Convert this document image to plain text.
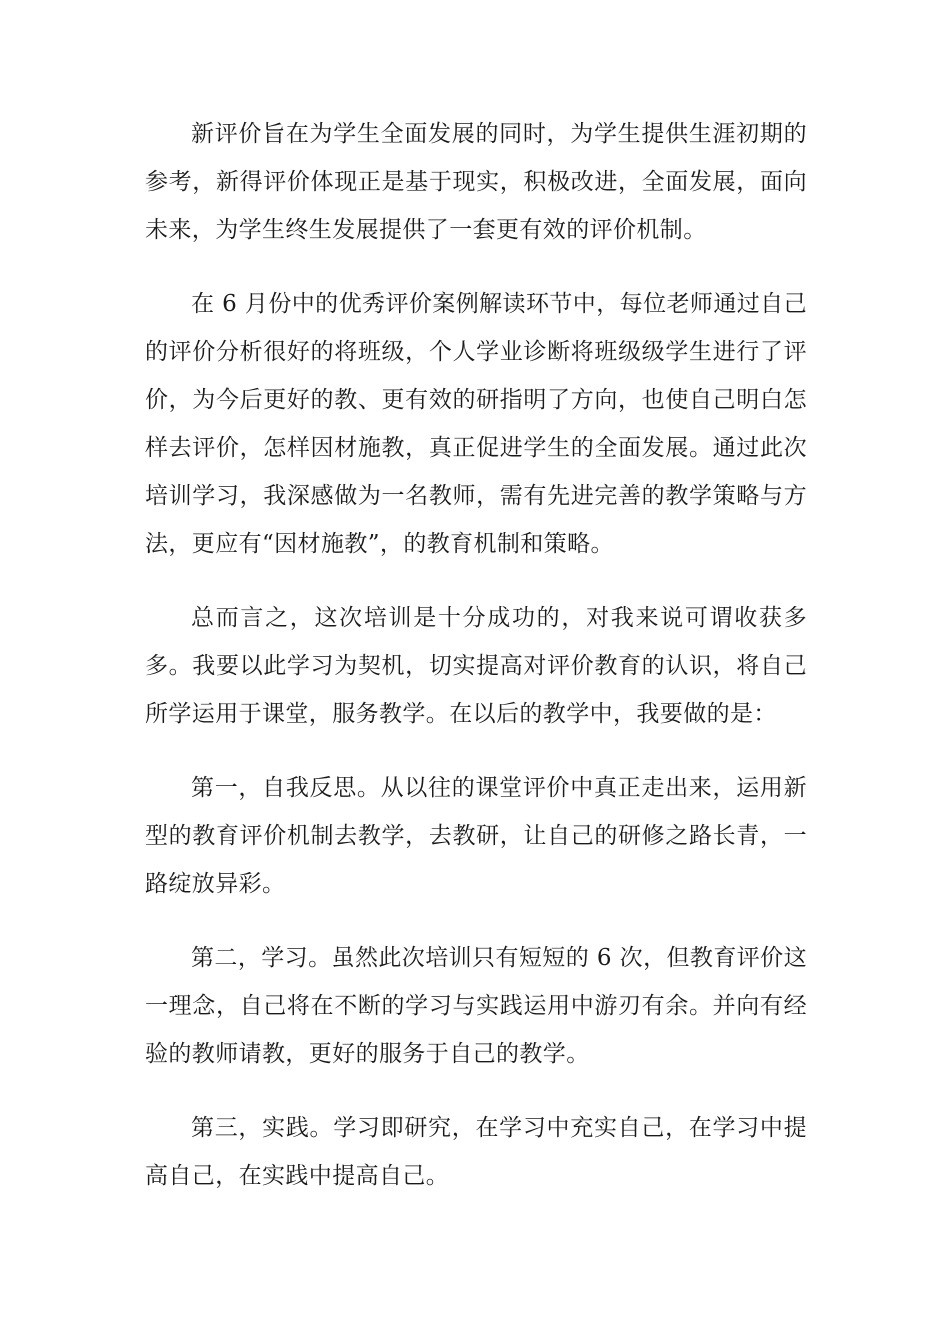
新评价旨在为学生全面发展的同时，为学生提供生涯初期的参考，新得评价体现正是基于现实，积极改进，全面发展，面向未来，为学生终生发展提供了一套更有效的评价机制。

在 6 月份中的优秀评价案例解读环节中，每位老师通过自己的评价分析很好的将班级，个人学业诊断将班级级学生进行了评价，为今后更好的教、更有效的研指明了方向，也使自己明白怎样去评价，怎样因材施教，真正促进学生的全面发展。通过此次培训学习，我深感做为一名教师，需有先进完善的教学策略与方法，更应有“因材施教”，的教育机制和策略。

总而言之，这次培训是十分成功的，对我来说可谓收获多多。我要以此学习为契机，切实提高对评价教育的认识，将自己所学运用于课堂，服务教学。在以后的教学中，我要做的是：

第一，自我反思。从以往的课堂评价中真正走出来，运用新型的教育评价机制去教学，去教研，让自己的研修之路长青，一路绽放异彩。

第二，学习。虽然此次培训只有短短的 6 次，但教育评价这一理念，自己将在不断的学习与实践运用中游刃有余。并向有经验的教师请教，更好的服务于自己的教学。

第三，实践。学习即研究，在学习中充实自己，在学习中提高自己，在实践中提高自己。
